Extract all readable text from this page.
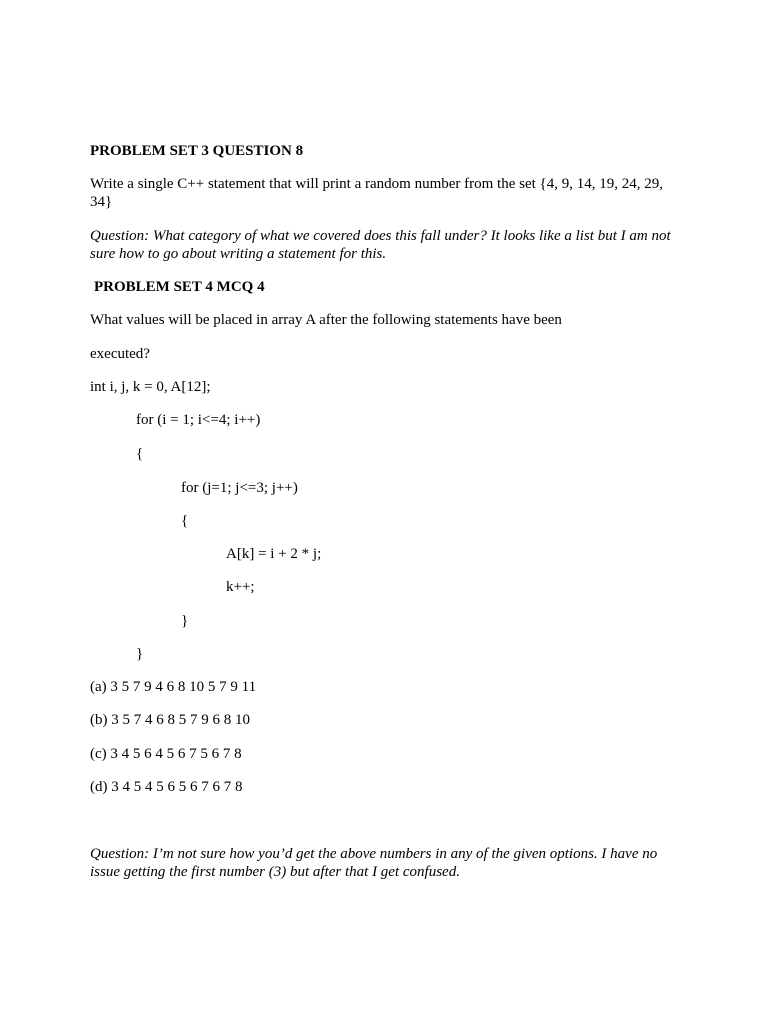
PROBLEM SET 3 QUESTION 8
Write a single C++ statement that will print a random number from the set {4, 9, 14, 19, 24, 29,
34}
Question: What category of what we covered does this fall under? It looks like a list but I am not
sure how to go about writing a statement for this.
PROBLEM SET 4 MCQ 4
What values will be placed in array A after the following statements have been
executed?
int i, j, k = 0, A[12];
for (i = 1; i<=4; i++)
{
for (j=1; j<=3; j++)
{
A[k] = i + 2 * j;
k++;
}
}
(a) 3 5 7 9 4 6 8 10 5 7 9 11
(b) 3 5 7 4 6 8 5 7 9 6 8 10
(c) 3 4 5 6 4 5 6 7 5 6 7 8
(d) 3 4 5 4 5 6 5 6 7 6 7 8
Question: I’m not sure how you’d get the above numbers in any of the given options. I have no
issue getting the first number (3) but after that I get confused.
